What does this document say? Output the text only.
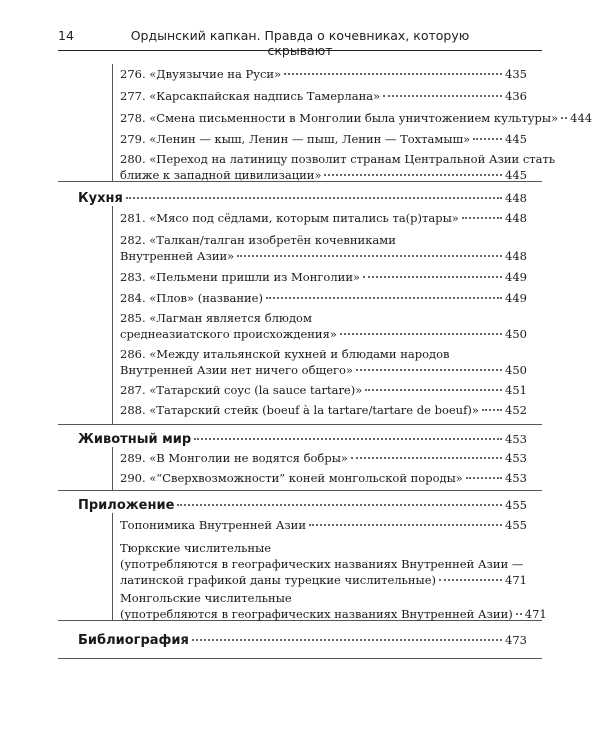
14	Ордынский капкан. Правда о кочевниках, которую скрывают
276. «Двуязычие на Руси»	435
277. «Карсакпайская надпись Тамерлана»	436
278. «Смена письменности в Монголии была уничтожением культуры» 444
279. «Ленин — кыш, Ленин — пыш, Ленин — Тохтамыш»	445
280. «Переход на латиницу позволит странам Центральной Азии стать
ближе к западной цивилизации»	445
Кухня	448
281. «Мясо под сёдлами, которым питались та(р)тары»	448
282. «Талкан/талган изобретён кочевниками
Внутренней Азии»	448
283. «Пельмени пришли из Монголии»	449
284. «Плов» (название)	449
285. «Лагман является блюдом
среднеазиатского происхождения»	450
286. «Между итальянской кухней и блюдами народов
Внутренней Азии нет ничего общего»	450
287. «Татарский соус (la sauce tartare)»	451
288. «Татарский стейк (boeuf à la tartare/tartare de boeuf)» 452
Животный мир	453
289. «В Монголии не водятся бобры»	453
290. «“Сверхвозможности” коней монгольской породы»	453
Приложение	455
Топонимика Внутренней Азии	455
Тюркские числительные
(употребляются в географических названиях Внутренней Азии —
латинской графикой даны турецкие числительные)	471
Монгольские числительные
(употребляются в географических названиях Внутренней Азии) 471
Библиография	473
